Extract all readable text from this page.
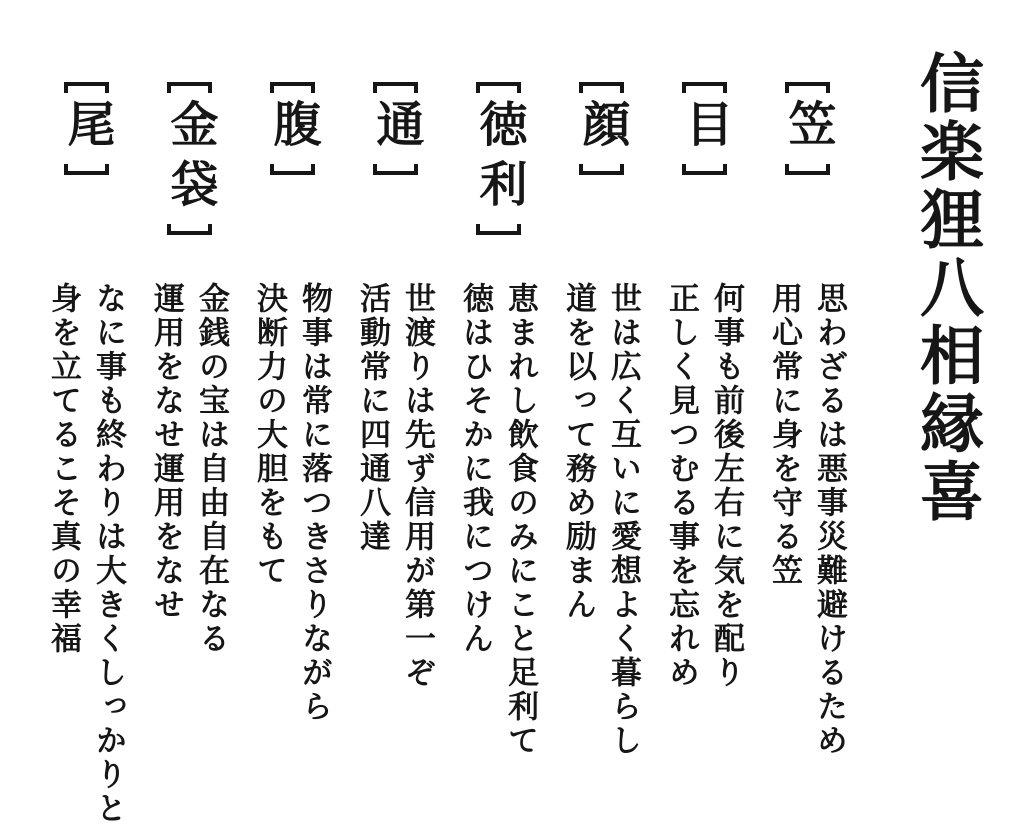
信楽狸八相縁喜
笠

思わざるは悪事災難避けるため

用心常に身を守る笠

目

何事も前後左右に気を配り

正しく見つむる事を忘れめ

顔

世は広く互いに愛想よく暮らし

道を以って務め励まん

徳利

恵まれし飲食のみにこと足利て

徳はひそかに我につけん

通

世渡りは先ず信用が第一ぞ

活動常に四通八達

腹

物事は常に落つきさりながら

決断力の大胆をもて

金袋

金銭の宝は自由自在なる

運用をなせ運用をなせ

尾

なに事も終わりは大きくしっかりと

身を立てるこそ真の幸福
